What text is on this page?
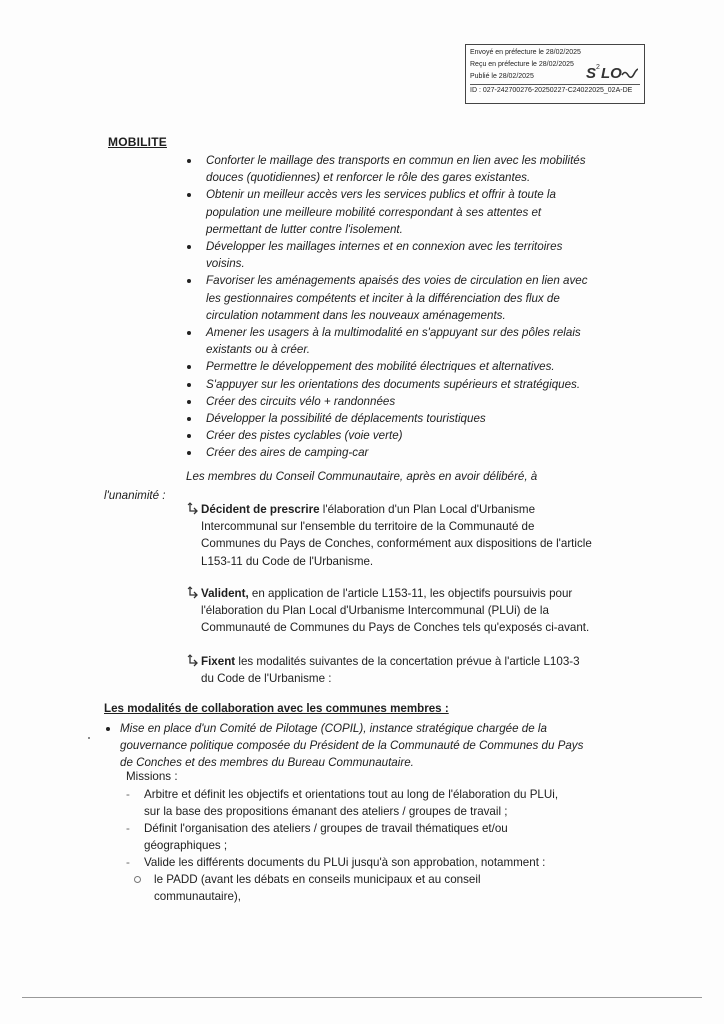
Envoyé en préfecture le 28/02/2025
Reçu en préfecture le 28/02/2025
Publié le 28/02/2025
ID : 027-242700276-20250227-C24022025_02A-DE
S 2 LO
MOBILITE
Conforter le maillage des transports en commun en lien avec les mobilités
douces (quotidiennes) et renforcer le rôle des gares existantes.
Obtenir un meilleur accès vers les services publics et offrir à toute la
population une meilleure mobilité correspondant à ses attentes et
permettant de lutter contre l'isolement.
Développer les maillages internes et en connexion avec les territoires
voisins.
Favoriser les aménagements apaisés des voies de circulation en lien avec
les gestionnaires compétents et inciter à la différenciation des flux de
circulation notamment dans les nouveaux aménagements.
Amener les usagers à la multimodalité en s'appuyant sur des pôles relais
existants ou à créer.
Permettre le développement des mobilité électriques et alternatives.
S'appuyer sur les orientations des documents supérieurs et stratégiques.
Créer des circuits vélo + randonnées
Développer la possibilité de déplacements touristiques
Créer des pistes cyclables (voie verte)
Créer des aires de camping-car
Les membres du Conseil Communautaire, après en avoir délibéré, à
l'unanimité :

Décident de prescrire l'élaboration d'un Plan Local d'Urbanisme
Intercommunal sur l'ensemble du territoire de la Communauté de
Communes du Pays de Conches, conformément aux dispositions de l'article
L153-11 du Code de l'Urbanisme.

Valident, en application de l'article L153-11, les objectifs poursuivis pour
l'élaboration du Plan Local d'Urbanisme Intercommunal (PLUi) de la
Communauté de Communes du Pays de Conches tels qu'exposés ci-avant.

Fixent les modalités suivantes de la concertation prévue à l'article L103-3
du Code de l'Urbanisme :

Les modalités de collaboration avec les communes membres :

Mise en place d'un Comité de Pilotage (COPIL), instance stratégique chargée de la
gouvernance politique composée du Président de la Communauté de Communes du Pays
de Conches et des membres du Bureau Communautaire.

Missions :
- Arbitre et définit les objectifs et orientations tout au long de l'élaboration du PLUi,
sur la base des propositions émanant des ateliers / groupes de travail ;
- Définit l'organisation des ateliers / groupes de travail thématiques et/ou
géographiques ;
- Valide les différents documents du PLUi jusqu'à son approbation, notamment :
le PADD (avant les débats en conseils municipaux et au conseil
communautaire),
